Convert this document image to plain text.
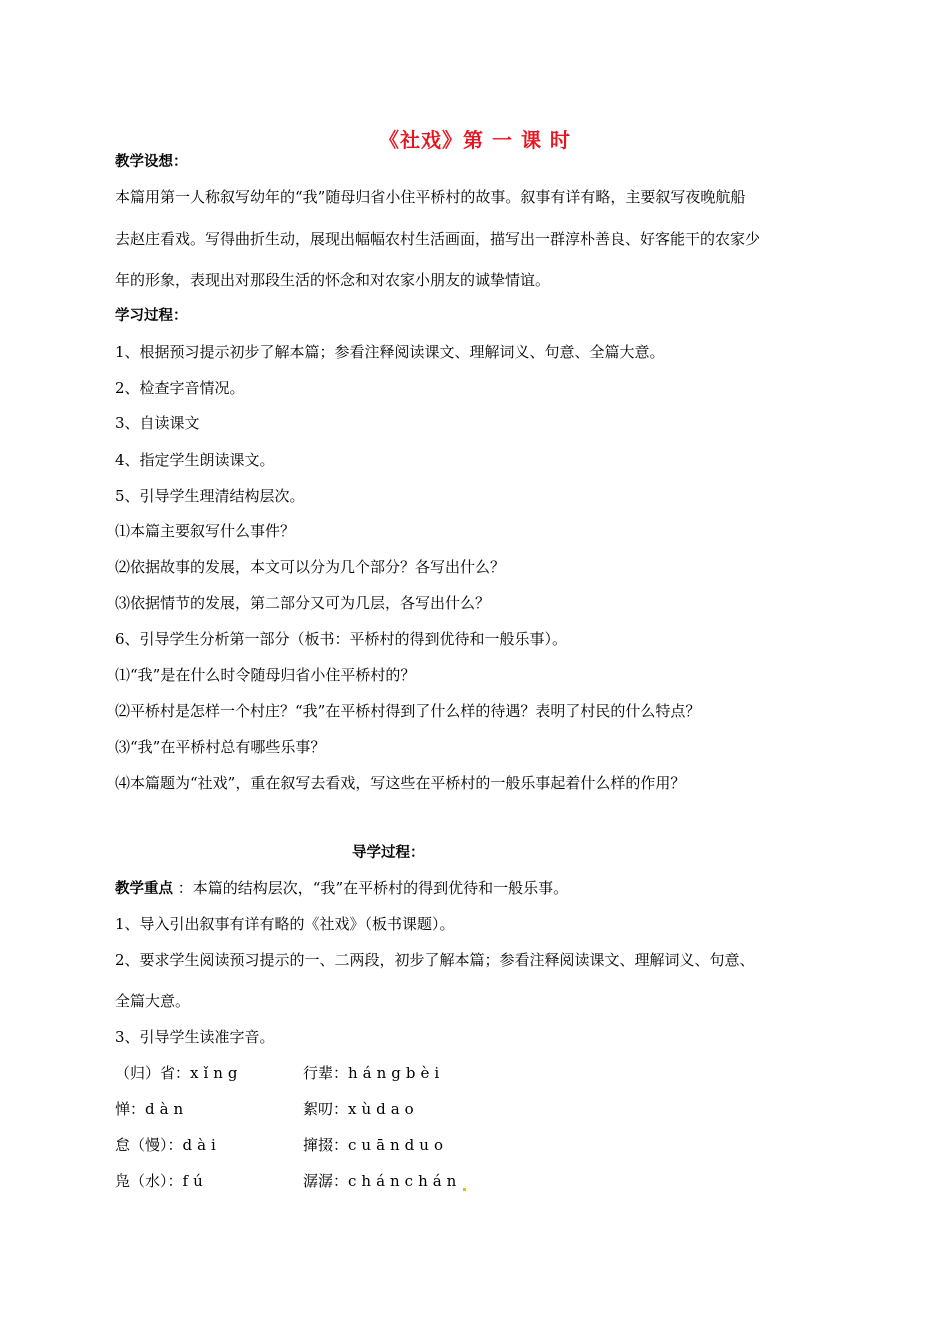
《社戏》第 一 课 时
教学设想：
本篇用第一人称叙写幼年的“我”随母归省小住平桥村的故事。叙事有详有略，主要叙写夜晚航船
去赵庄看戏。写得曲折生动，展现出幅幅农村生活画面，描写出一群淳朴善良、好客能干的农家少
年的形象，表现出对那段生活的怀念和对农家小朋友的诚挚情谊。
学习过程：
1、根据预习提示初步了解本篇；参看注释阅读课文、理解词义、句意、全篇大意。
2、检查字音情况。
3、自读课文
4、指定学生朗读课文。
5、引导学生理清结构层次。
⑴本篇主要叙写什么事件？
⑵依据故事的发展，本文可以分为几个部分？各写出什么？
⑶依据情节的发展，第二部分又可为几层，各写出什么？
6、引导学生分析第一部分（板书：平桥村的得到优待和一般乐事）。
⑴“我”是在什么时令随母归省小住平桥村的？
⑵平桥村是怎样一个村庄？“我”在平桥村得到了什么样的待遇？表明了村民的什么特点？
⑶“我”在平桥村总有哪些乐事？
⑷本篇题为“社戏”，重在叙写去看戏，写这些在平桥村的一般乐事起着什么样的作用？
导学过程：
教学重点 ：本篇的结构层次，“我”在平桥村的得到优待和一般乐事。
1、导入引出叙事有详有略的《社戏》（板书课题）。
2、要求学生阅读预习提示的一、二两段，初步了解本篇；参看注释阅读课文、理解词义、句意、
全篇大意。
3、引导学生读准字音。
（归）省：xǐng	行辈：hángbèi
惮：dàn	絮叨：xùdao
怠（慢）：dài	撺掇：cuānduo
凫（水）：fú	潺潺：chánchán
